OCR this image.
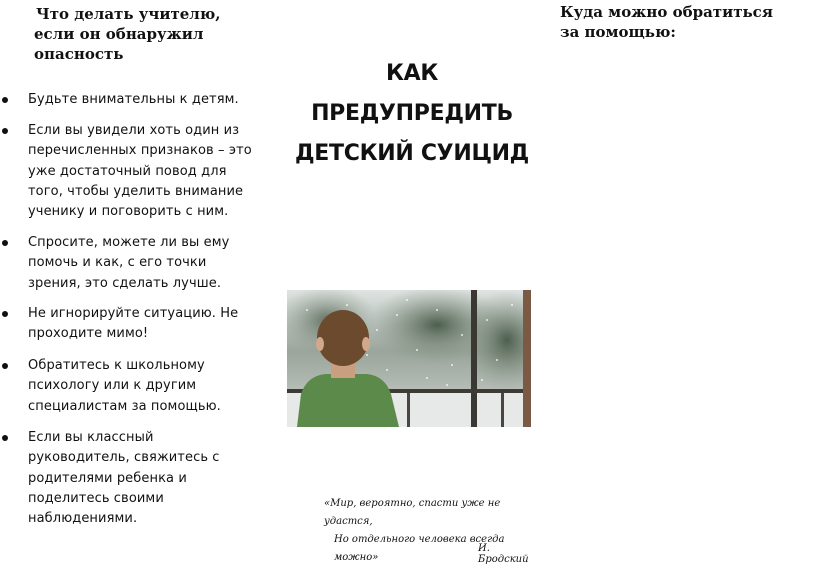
Что делать учителю,
если он обнаружил
опасность
Будьте внимательны к детям.
Если вы увидели хоть один из
перечисленных признаков – это
уже достаточный повод для
того, чтобы уделить внимание
ученику и поговорить с ним.
Спросите, можете ли вы ему
помочь и как, с его точки
зрения, это сделать лучше.
Не игнорируйте ситуацию. Не
проходите мимо!
Обратитесь к школьному
психологу или к другим
специалистам за помощью.
Если вы классный
руководитель, свяжитесь с
родителями ребенка и
поделитесь своими
наблюдениями.
КАК
ПРЕДУПРЕДИТЬ
ДЕТСКИЙ СУИЦИД
«Мир, вероятно, спасти уже не удастся,
Но отдельного человека всегда можно»
И. Бродский
Куда можно обратиться
за помощью:
